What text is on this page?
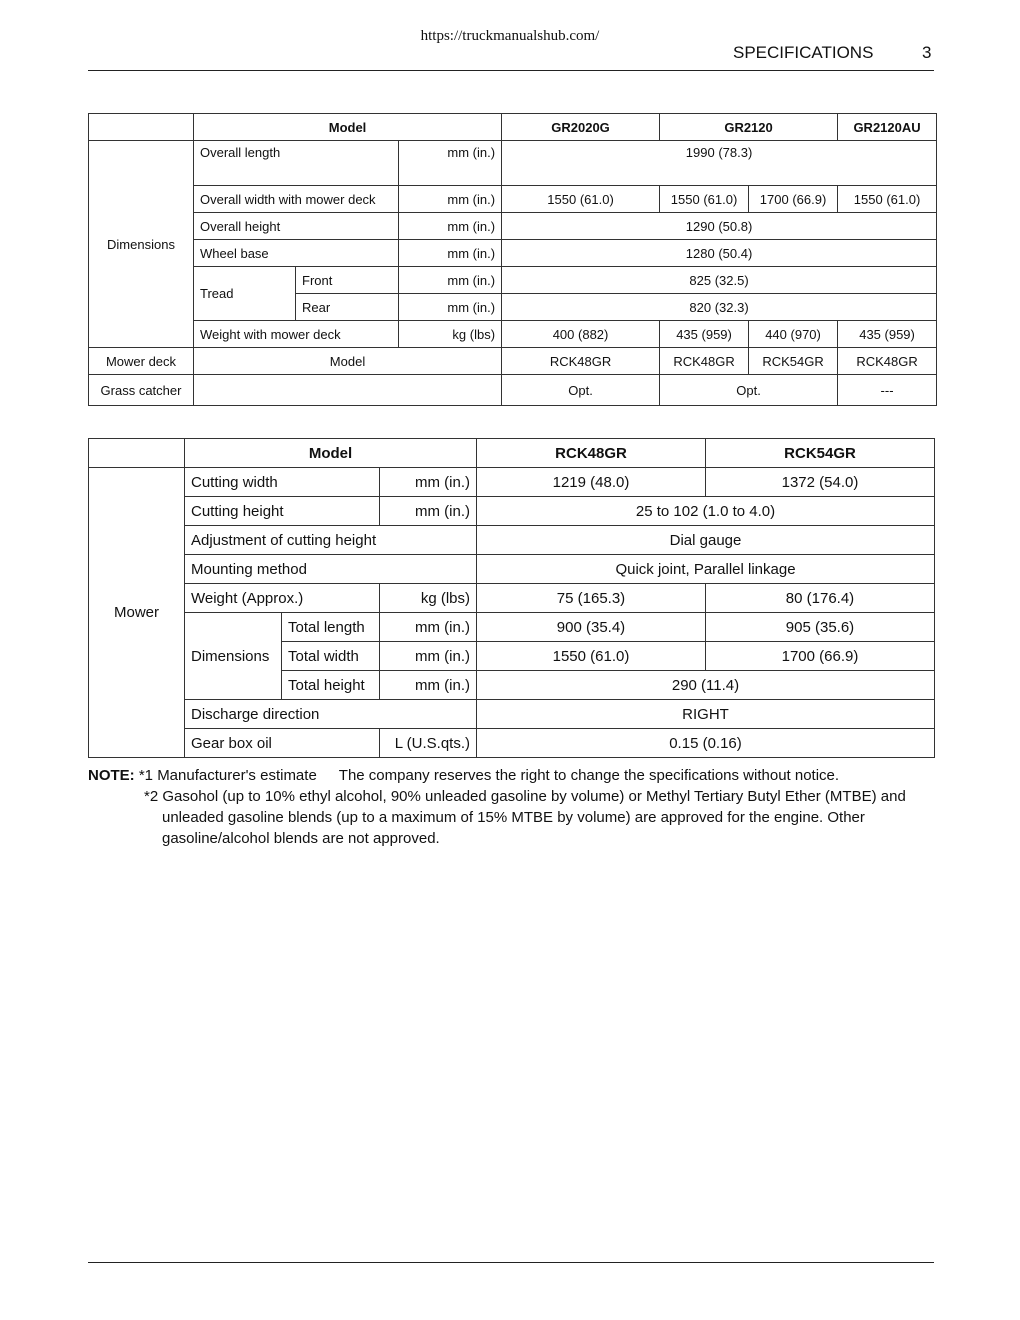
https://truckmanualshub.com/
SPECIFICATIONS	3
	Model			GR2020G	GR2120		GR2120AU
Dimensions	Overall length		mm (in.)	1990 (78.3)			
	Overall width with mower deck		mm (in.)	1550 (61.0)	1550 (61.0)	1700 (66.9)	1550 (61.0)
	Overall height		mm (in.)	1290 (50.8)			
	Wheel base		mm (in.)	1280 (50.4)			
	Tread	Front	mm (in.)	825 (32.5)			
		Rear	mm (in.)	820 (32.3)			
	Weight with mower deck		kg (lbs)	400 (882)	435 (959)	440 (970)	435 (959)
Mower deck	Model			RCK48GR	RCK48GR	RCK54GR	RCK48GR
Grass catcher				Opt.	Opt.		---
	Model			RCK48GR	RCK54GR
Mower	Cutting width		mm (in.)	1219 (48.0)	1372 (54.0)
	Cutting height		mm (in.)	25 to 102 (1.0 to 4.0)	
	Adjustment of cutting height			Dial gauge	
	Mounting method			Quick joint, Parallel linkage	
	Weight (Approx.)		kg (lbs)	75 (165.3)	80 (176.4)
	Dimensions	Total length	mm (in.)	900 (35.4)	905 (35.6)
		Total width	mm (in.)	1550 (61.0)	1700 (66.9)
		Total height	mm (in.)	290 (11.4)	
	Discharge direction			RIGHT	
	Gear box oil		L (U.S.qts.)	0.15 (0.16)	
NOTE: *1 Manufacturer's estimate The company reserves the right to change the specifications without notice.
*2 Gasohol (up to 10% ethyl alcohol, 90% unleaded gasoline by volume) or Methyl Tertiary Butyl Ether (MTBE) and
unleaded gasoline blends (up to a maximum of 15% MTBE by volume) are approved for the engine. Other
gasoline/alcohol blends are not approved.
